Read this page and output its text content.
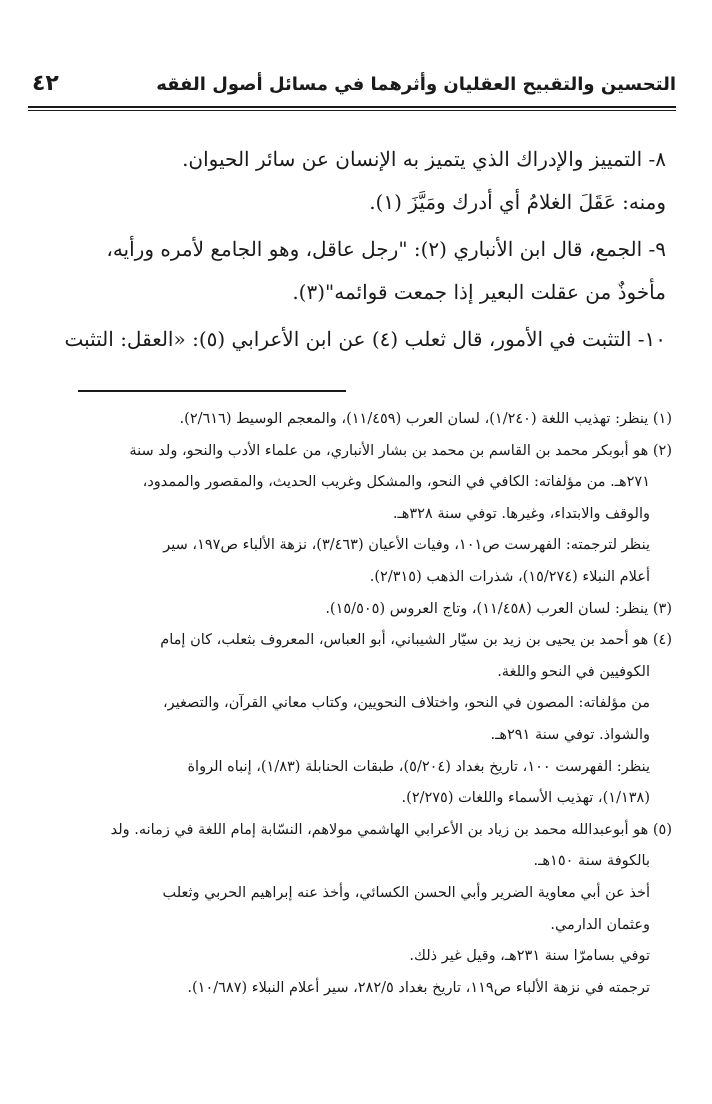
التحسين والتقبيح العقليان وأثرهما في مسائل أصول الفقه
٤٢

٨- التمييز والإدراك الذي يتميز به الإنسان عن سائر الحيوان.

ومنه: عَقَلَ الغلامُ أي أدرك ومَيَّزَ (١).

٩- الجمع، قال ابن الأنباري (٢): "رجل عاقل، وهو الجامع لأمره ورأيه،

مأخوذٌ من عقلت البعير إذا جمعت قوائمه"(٣).

١٠- التثبت في الأمور، قال ثعلب (٤) عن ابن الأعرابي (٥): «العقل: التثبت

(١) ينظر: تهذيب اللغة (١/٢٤٠)، لسان العرب (١١/٤٥٩)، والمعجم الوسيط (٢/٦١٦).

(٢) هو أبوبكر محمد بن القاسم بن محمد بن بشار الأنباري، من علماء الأدب والنحو، ولد سنة

٢٧١هـ. من مؤلفاته: الكافي في النحو، والمشكل وغريب الحديث، والمقصور والممدود،

والوقف والابتداء، وغيرها. توفي سنة ٣٢٨هـ.

ينظر لترجمته: الفهرست ص١٠١، وفيات الأعيان (٣/٤٦٣)، نزهة الألباء ص١٩٧، سير

أعلام النبلاء (١٥/٢٧٤)، شذرات الذهب (٢/٣١٥).

(٣) ينظر: لسان العرب (١١/٤٥٨)، وتاج العروس (١٥/٥٠٥).

(٤) هو أحمد بن يحيى بن زيد بن سيّار الشيباني، أبو العباس، المعروف بثعلب، كان إمام

الكوفيين في النحو واللغة.

من مؤلفاته: المصون في النحو، واختلاف النحويين، وكتاب معاني القرآن، والتصغير،

والشواذ. توفي سنة ٢٩١هـ.

ينظر: الفهرست ١٠٠، تاريخ بغداد (٥/٢٠٤)، طبقات الحنابلة (١/٨٣)، إنباه الرواة

(١/١٣٨)، تهذيب الأسماء واللغات (٢/٢٧٥).

(٥) هو أبوعبدالله محمد بن زياد بن الأعرابي الهاشمي مولاهم، النسّابة إمام اللغة في زمانه. ولد

بالكوفة سنة ١٥٠هـ.

أخذ عن أبي معاوية الضرير وأبي الحسن الكسائي، وأخذ عنه إبراهيم الحربي وثعلب

وعثمان الدارمي.

توفي بسامرّا سنة ٢٣١هـ، وقيل غير ذلك.

ترجمته في نزهة الألباء ص١١٩، تاريخ بغداد ٢٨٢/٥، سير أعلام النبلاء (١٠/٦٨٧).
